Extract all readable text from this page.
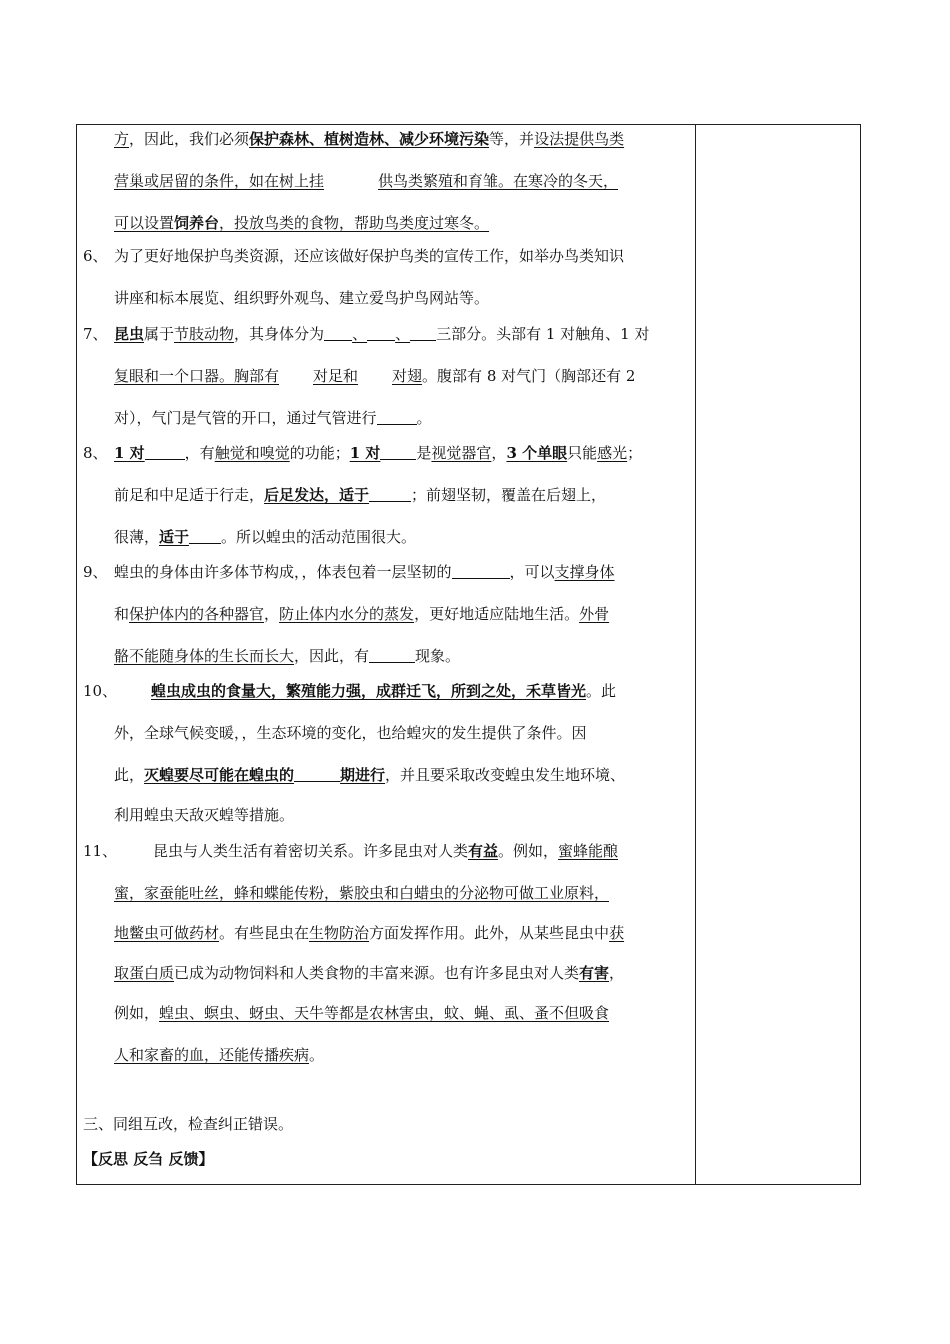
方，因此，我们必须保护森林、植树造林、减少环境污染等，并设法提供鸟类
营巢或居留的条件，如在树上挂	供鸟类繁殖和育雏。在寒冷的冬天，
可以设置饲养台，投放鸟类的食物，帮助鸟类度过寒冬。
6、 为了更好地保护鸟类资源，还应该做好保护鸟类的宣传工作，如举办鸟类知识
讲座和标本展览、组织野外观鸟、建立爱鸟护鸟网站等。
7、 昆虫属于节肢动物，其身体分为 、 、 三部分。头部有 1 对触角、1 对
复眼和一个口器。胸部有 对足和 对翅。腹部有 8 对气门（胸部还有 2
对），气门是气管的开口，通过气管进行	。
8、 1 对	，有触觉和嗅觉的功能；1 对 是视觉器官，3 个单眼只能感光；
前足和中足适于行走，后足发达，适于	；前翅坚韧，覆盖在后翅上，
很薄，适于 。所以蝗虫的活动范围很大。
9、 蝗虫的身体由许多体节构成，，体表包着一层坚韧的	，可以支撑身体
和保护体内的各种器官，防止体内水分的蒸发，更好地适应陆地生活。外骨
骼不能随身体的生长而长大，因此，有	现象。
10、 蝗虫成虫的食量大，繁殖能力强，成群迁飞，所到之处，禾草皆光。此
外，全球气候变暖，，生态环境的变化，也给蝗灾的发生提供了条件。因
此，灭蝗要尽可能在蝗虫的	期进行，并且要采取改变蝗虫发生地环境、
利用蝗虫天敌灭蝗等措施。
11、 昆虫与人类生活有着密切关系。许多昆虫对人类有益。例如，蜜蜂能酿
蜜，家蚕能吐丝，蜂和蝶能传粉，紫胶虫和白蜡虫的分泌物可做工业原料，
地鳖虫可做药材。有些昆虫在生物防治方面发挥作用。此外，从某些昆虫中获
取蛋白质已成为动物饲料和人类食物的丰富来源。也有许多昆虫对人类有害，
例如，蝗虫、螟虫、蚜虫、天牛等都是农林害虫，蚊、蝇、虱、蚤不但吸食
人和家畜的血，还能传播疾病。
三、同组互改，检查纠正错误。
【反思 反刍 反馈】
